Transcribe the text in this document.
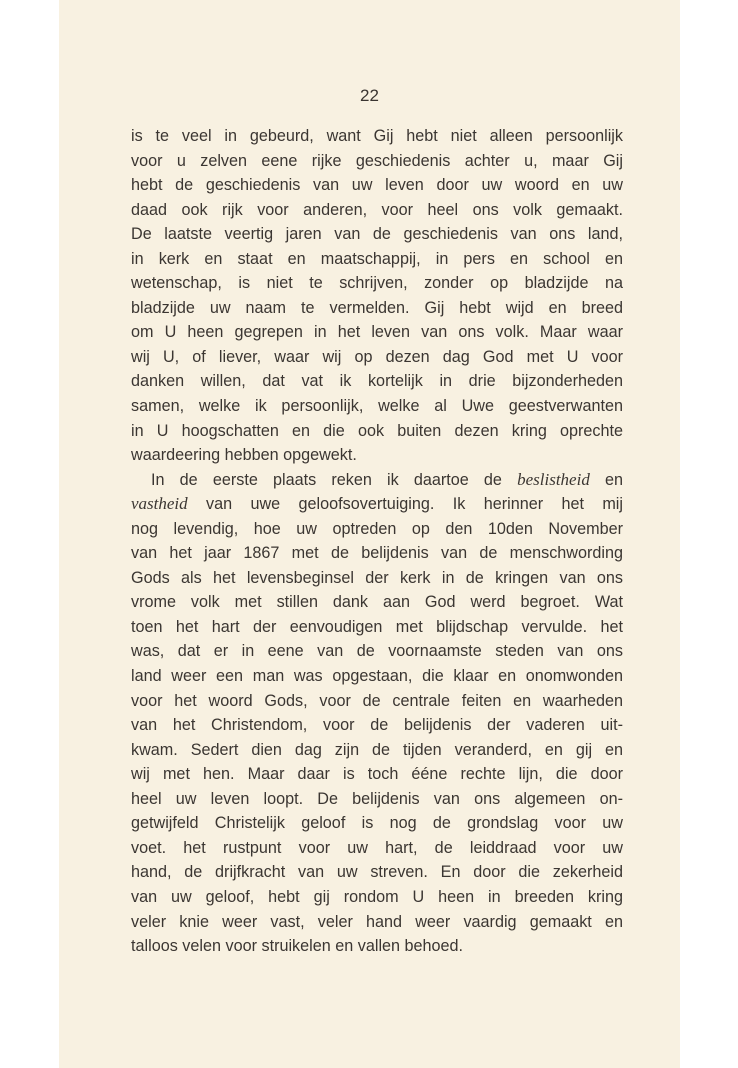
22
is te veel in gebeurd, want Gij hebt niet alleen persoonlijk
voor u zelven eene rijke geschiedenis achter u, maar Gij
hebt de geschiedenis van uw leven door uw woord en uw
daad ook rijk voor anderen, voor heel ons volk gemaakt.
De laatste veertig jaren van de geschiedenis van ons land,
in kerk en staat en maatschappij, in pers en school en
wetenschap, is niet te schrijven, zonder op bladzijde na
bladzijde uw naam te vermelden. Gij hebt wijd en breed
om U heen gegrepen in het leven van ons volk. Maar waar
wij U, of liever, waar wij op dezen dag God met U voor
danken willen, dat vat ik kortelijk in drie bijzonderheden
samen, welke ik persoonlijk, welke al Uwe geestverwanten
in U hoogschatten en die ook buiten dezen kring oprechte
waardeering hebben opgewekt.
In de eerste plaats reken ik daartoe de beslistheid en
vastheid van uwe geloofsovertuiging. Ik herinner het mij
nog levendig, hoe uw optreden op den 10den November
van het jaar 1867 met de belijdenis van de menschwording
Gods als het levensbeginsel der kerk in de kringen van ons
vrome volk met stillen dank aan God werd begroet. Wat
toen het hart der eenvoudigen met blijdschap vervulde. het
was, dat er in eene van de voornaamste steden van ons
land weer een man was opgestaan, die klaar en onomwonden
voor het woord Gods, voor de centrale feiten en waarheden
van het Christendom, voor de belijdenis der vaderen uit-
kwam. Sedert dien dag zijn de tijden veranderd, en gij en
wij met hen. Maar daar is toch ééne rechte lijn, die door
heel uw leven loopt. De belijdenis van ons algemeen on-
getwijfeld Christelijk geloof is nog de grondslag voor uw
voet. het rustpunt voor uw hart, de leiddraad voor uw
hand, de drijfkracht van uw streven. En door die zekerheid
van uw geloof, hebt gij rondom U heen in breeden kring
veler knie weer vast, veler hand weer vaardig gemaakt en
talloos velen voor struikelen en vallen behoed.
